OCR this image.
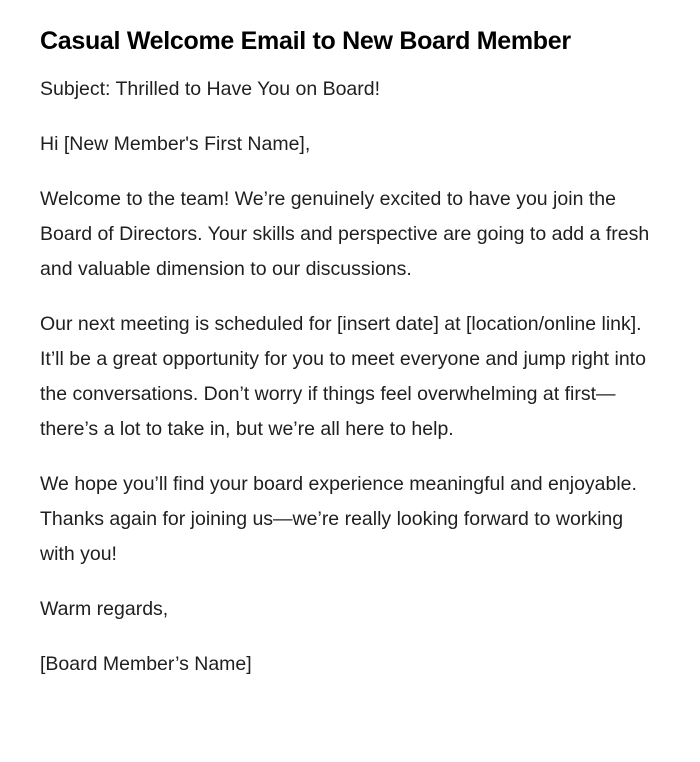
Casual Welcome Email to New Board Member

Subject: Thrilled to Have You on Board!

Hi [New Member's First Name],

Welcome to the team! We’re genuinely excited to have you join the Board of Directors. Your skills and perspective are going to add a fresh and valuable dimension to our discussions.

Our next meeting is scheduled for [insert date] at [location/online link]. It’ll be a great opportunity for you to meet everyone and jump right into the conversations. Don’t worry if things feel overwhelming at first—there’s a lot to take in, but we’re all here to help.

We hope you’ll find your board experience meaningful and enjoyable. Thanks again for joining us—we’re really looking forward to working with you!

Warm regards,

[Board Member’s Name]
